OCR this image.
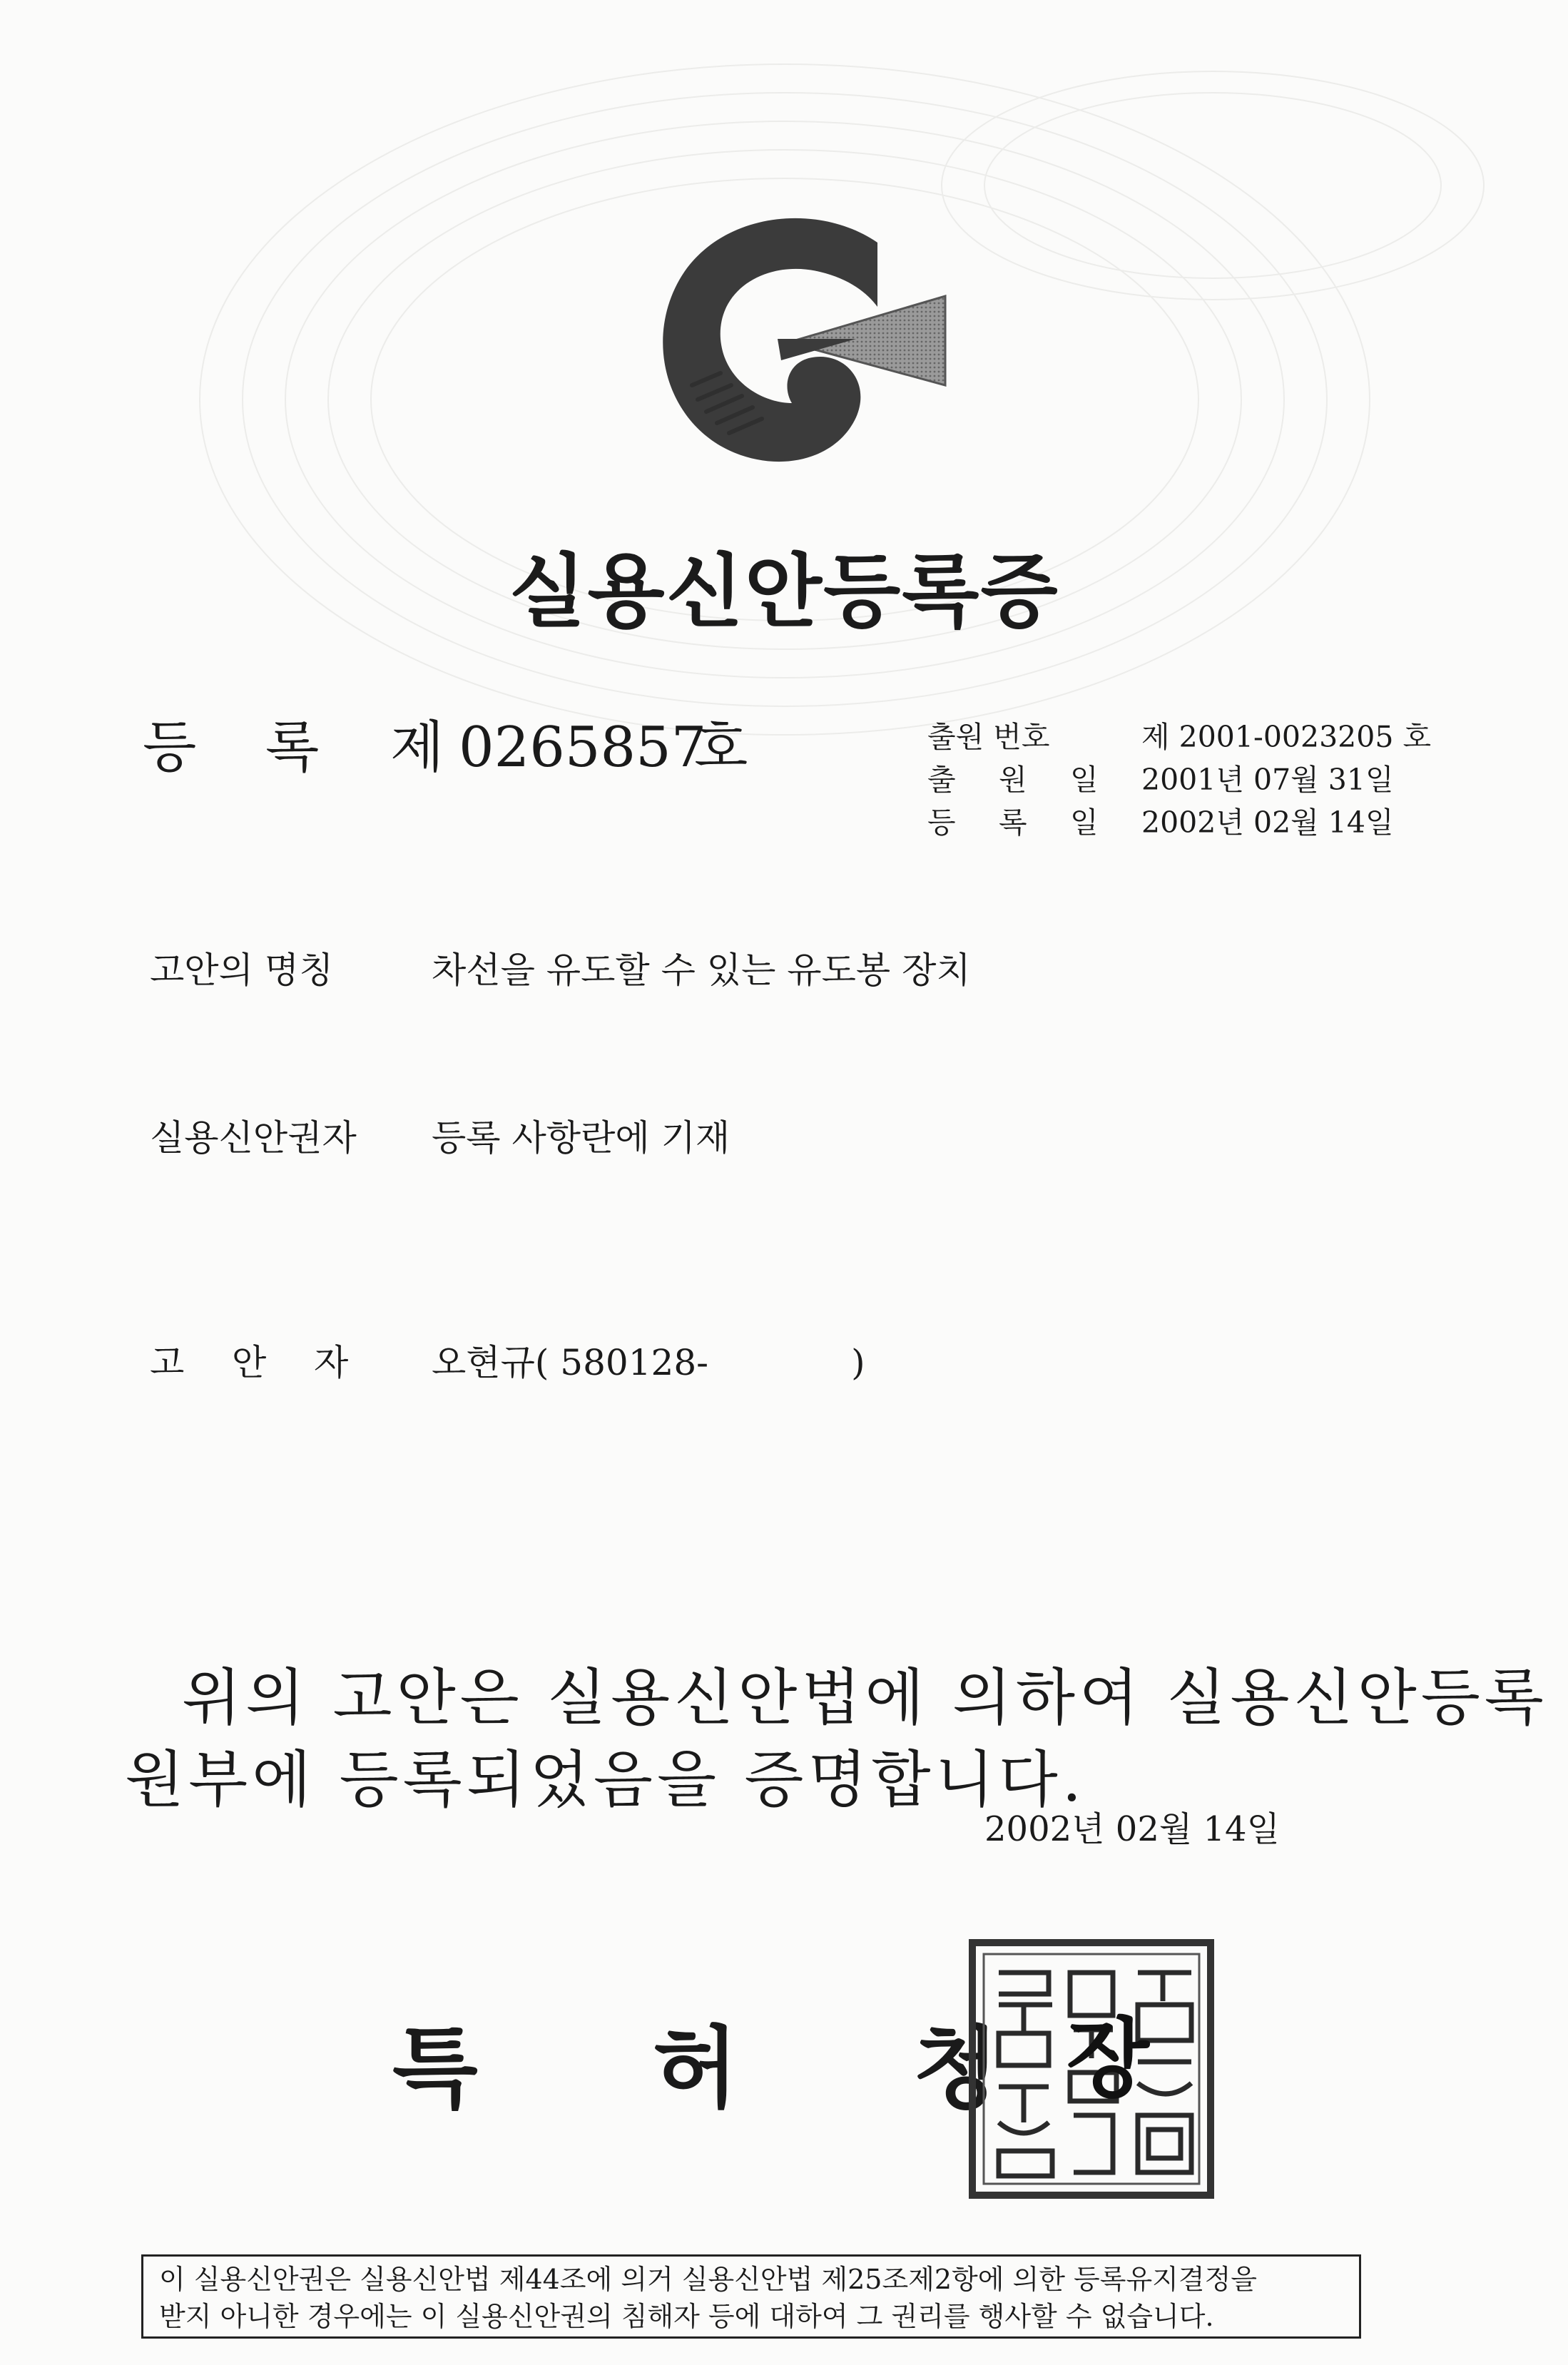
실용신안등록증
등 록 제 0265857호	출원 번호	제 2001-0023205 호
출 원 일 2001년 07월 31일
등 록 일 2002년 02월 14일
고안의 명칭	차선을 유도할 수 있는 유도봉 장치
실용신안권자 등록 사항란에 기재
고 안 자 오현규( 580128-	)
위의 고안은 실용신안법에 의하여 실용신안등록
원부에 등록되었음을 증명합니다.
2002년 02월 14일
특 허 청 장
이 실용신안권은 실용신안법 제44조에 의거 실용신안법 제25조제2항에 의한 등록유지결정을
받지 아니한 경우에는 이 실용신안권의 침해자 등에 대하여 그 권리를 행사할 수 없습니다.
